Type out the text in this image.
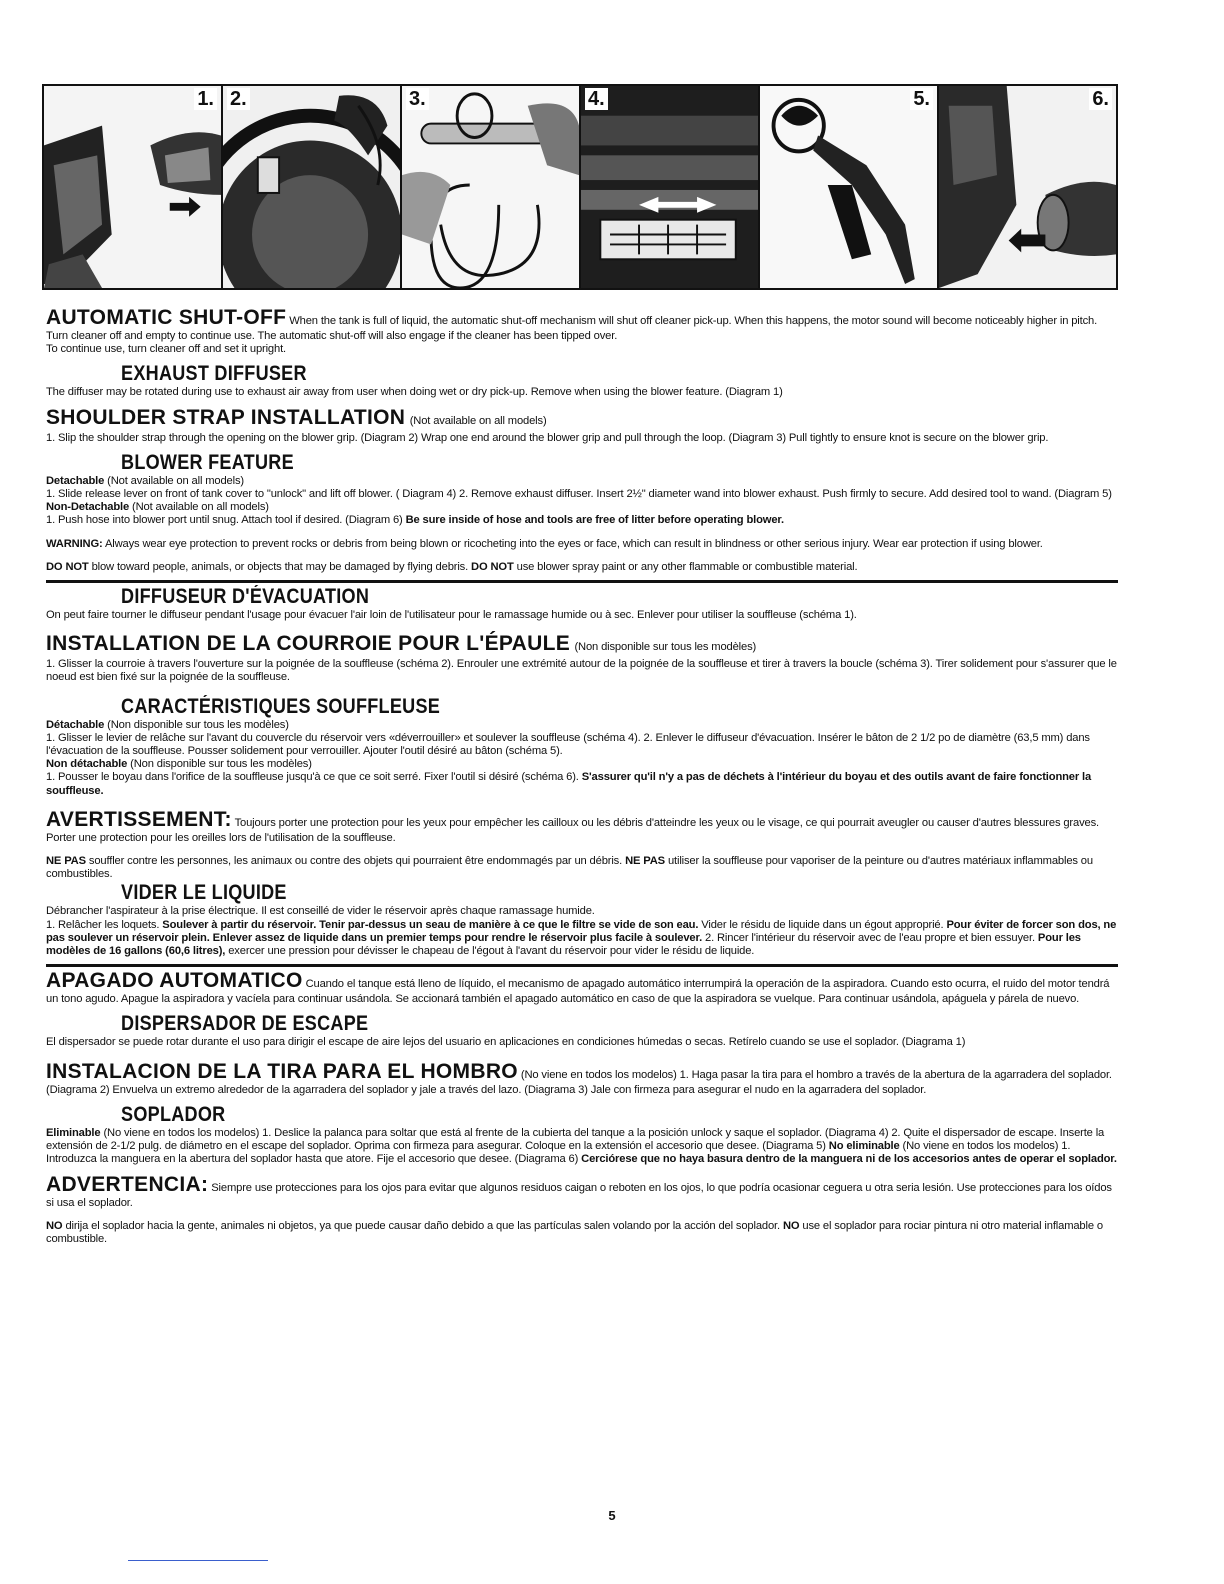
1. 2.	3.	4.	5.	6.
AUTOMATIC SHUT-OFF When the tank is full of liquid, the automatic shut-off mechanism will shut off cleaner pick-up. When this happens, the motor sound will become noticeably higher in pitch. Turn cleaner off and empty to continue use. The automatic shut-off will also engage if the cleaner has been tipped over.
To continue use, turn cleaner off and set it upright.
EXHAUST DIFFUSER
The diffuser may be rotated during use to exhaust air away from user when doing wet or dry pick-up. Remove when using the blower feature. (Diagram 1)
SHOULDER STRAP INSTALLATION (Not available on all models)
1. Slip the shoulder strap through the opening on the blower grip. (Diagram 2) Wrap one end around the blower grip and pull through the loop. (Diagram 3) Pull tightly to ensure knot is secure on the blower grip.
BLOWER FEATURE
Detachable (Not available on all models)
1. Slide release lever on front of tank cover to "unlock" and lift off blower. ( Diagram 4) 2. Remove exhaust diffuser. Insert 2½" diameter wand into blower exhaust. Push firmly to secure. Add desired tool to wand. (Diagram 5)
Non-Detachable (Not available on all models)
1. Push hose into blower port until snug. Attach tool if desired. (Diagram 6) Be sure inside of hose and tools are free of litter before operating blower.
WARNING: Always wear eye protection to prevent rocks or debris from being blown or ricocheting into the eyes or face, which can result in blindness or other serious injury. Wear ear protection if using blower.
DO NOT blow toward people, animals, or objects that may be damaged by flying debris. DO NOT use blower spray paint or any other flammable or combustible material.
DIFFUSEUR D'ÉVACUATION
On peut faire tourner le diffuseur pendant l'usage pour évacuer l'air loin de l'utilisateur pour le ramassage humide ou à sec. Enlever pour utiliser la souffleuse (schéma 1).
INSTALLATION DE LA COURROIE POUR L'ÉPAULE (Non disponible sur tous les modèles)
1. Glisser la courroie à travers l'ouverture sur la poignée de la souffleuse (schéma 2). Enrouler une extrémité autour de la poignée de la souffleuse et tirer à travers la boucle (schéma 3). Tirer solidement pour s'assurer que le noeud est bien fixé sur la poignée de la souffleuse.
CARACTÉRISTIQUES SOUFFLEUSE
Détachable (Non disponible sur tous les modèles)
1. Glisser le levier de relâche sur l'avant du couvercle du réservoir vers «déverrouiller» et soulever la souffleuse (schéma 4). 2. Enlever le diffuseur d'évacuation. Insérer le bâton de 2 1/2 po de diamètre (63,5 mm) dans l'évacuation de la souffleuse. Pousser solidement pour verrouiller. Ajouter l'outil désiré au bâton (schéma 5).
Non détachable (Non disponible sur tous les modèles)
1. Pousser le boyau dans l'orifice de la souffleuse jusqu'à ce que ce soit serré. Fixer l'outil si désiré (schéma 6). S'assurer qu'il n'y a pas de déchets à l'intérieur du boyau et des outils avant de faire fonctionner la souffleuse.
AVERTISSEMENT: Toujours porter une protection pour les yeux pour empêcher les cailloux ou les débris d'atteindre les yeux ou le visage, ce qui pourrait aveugler ou causer d'autres blessures graves. Porter une protection pour les oreilles lors de l'utilisation de la souffleuse.
NE PAS souffler contre les personnes, les animaux ou contre des objets qui pourraient être endommagés par un débris. NE PAS utiliser la souffleuse pour vaporiser de la peinture ou d'autres matériaux inflammables ou combustibles.
VIDER LE LIQUIDE
Débrancher l'aspirateur à la prise électrique. Il est conseillé de vider le réservoir après chaque ramassage humide.
1. Relâcher les loquets. Soulever à partir du réservoir. Tenir par-dessus un seau de manière à ce que le filtre se vide de son eau. Vider le résidu de liquide dans un égout approprié. Pour éviter de forcer son dos, ne pas soulever un réservoir plein. Enlever assez de liquide dans un premier temps pour rendre le réservoir plus facile à soulever. 2. Rincer l'intérieur du réservoir avec de l'eau propre et bien essuyer. Pour les modèles de 16 gallons (60,6 litres), exercer une pression pour dévisser le chapeau de l'égout à l'avant du réservoir pour vider le résidu de liquide.
APAGADO AUTOMATICO Cuando el tanque está lleno de líquido, el mecanismo de apagado automático interrumpirá la operación de la aspiradora. Cuando esto ocurra, el ruido del motor tendrá un tono agudo. Apague la aspiradora y vacíela para continuar usándola. Se accionará también el apagado automático en caso de que la aspiradora se vuelque. Para continuar usándola, apáguela y párela de nuevo.
DISPERSADOR DE ESCAPE
El dispersador se puede rotar durante el uso para dirigir el escape de aire lejos del usuario en aplicaciones en condiciones húmedas o secas. Retírelo cuando se use el soplador. (Diagrama 1)
INSTALACION DE LA TIRA PARA EL HOMBRO (No viene en todos los modelos) 1. Haga pasar la tira para el hombro a través de la abertura de la agarradera del soplador. (Diagrama 2) Envuelva un extremo alrededor de la agarradera del soplador y jale a través del lazo. (Diagrama 3) Jale con firmeza para asegurar el nudo en la agarradera del soplador.
SOPLADOR
Eliminable (No viene en todos los modelos) 1. Deslice la palanca para soltar que está al frente de la cubierta del tanque a la posición unlock y saque el soplador. (Diagrama 4) 2. Quite el dispersador de escape. Inserte la extensión de 2-1/2 pulg. de diámetro en el escape del soplador. Oprima con firmeza para asegurar. Coloque en la extensión el accesorio que desee. (Diagrama 5) No eliminable (No viene en todos los modelos) 1. Introduzca la manguera en la abertura del soplador hasta que atore. Fije el accesorio que desee. (Diagrama 6) Cerciórese que no haya basura dentro de la manguera ni de los accesorios antes de operar el soplador.
ADVERTENCIA: Siempre use protecciones para los ojos para evitar que algunos residuos caigan o reboten en los ojos, lo que podría ocasionar ceguera u otra seria lesión. Use protecciones para los oídos si usa el soplador.
NO dirija el soplador hacia la gente, animales ni objetos, ya que puede causar daño debido a que las partículas salen volando por la acción del soplador. NO use el soplador para rociar pintura ni otro material inflamable o combustible.
5
